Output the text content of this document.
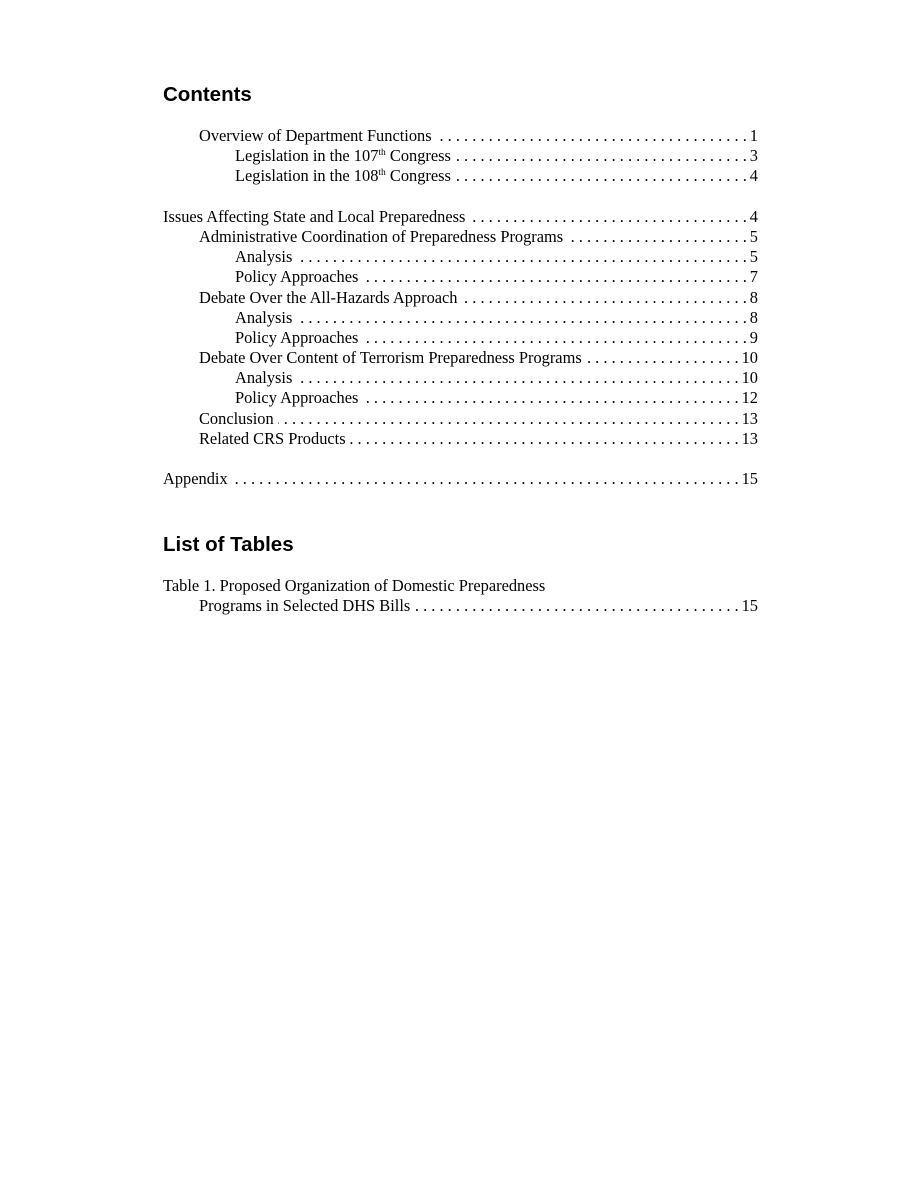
Contents
Overview of Department Functions . . .	1
Legislation in the 107th Congress . . .	3
Legislation in the 108th Congress . . .	4
Issues Affecting State and Local Preparedness . . .	4
Administrative Coordination of Preparedness Programs . . .	5
Analysis . . .	5
Policy Approaches . . .	7
Debate Over the All-Hazards Approach . . .	8
Analysis . . .	8
Policy Approaches . . .	9
Debate Over Content of Terrorism Preparedness Programs . . .	10
Analysis . . .	10
Policy Approaches . . .	12
Conclusion . . .	13
Related CRS Products . . .	13
Appendix . . .	15
List of Tables
Table 1. Proposed Organization of Domestic Preparedness
Programs in Selected DHS Bills . . .	15
